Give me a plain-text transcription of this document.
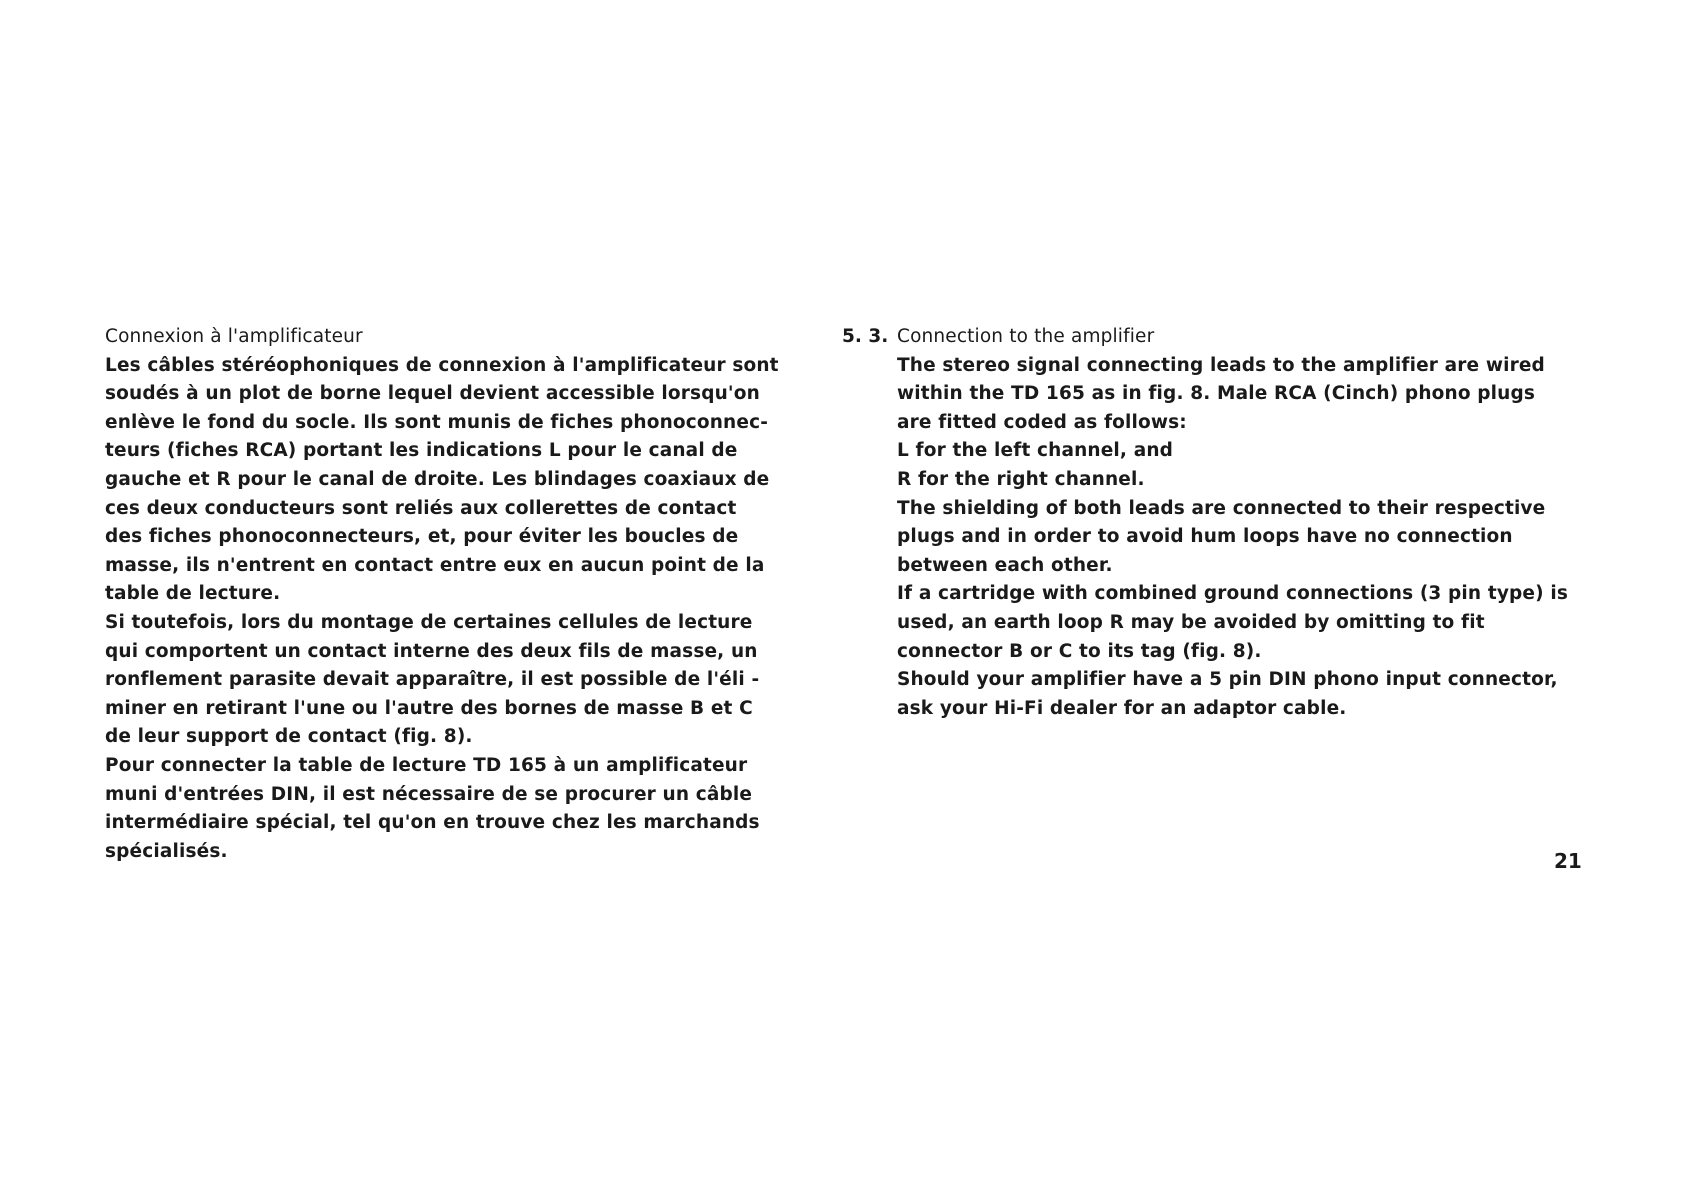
Connexion à l'amplificateur
Les câbles stéréophoniques de connexion à l'amplificateur sont
soudés à un plot de borne lequel devient accessible lorsqu'on
enlève le fond du socle. Ils sont munis de fiches phonoconnec-
teurs (fiches RCA) portant les indications L pour le canal de
gauche et R pour le canal de droite. Les blindages coaxiaux de
ces deux conducteurs sont reliés aux collerettes de contact
des fiches phonoconnecteurs, et, pour éviter les boucles de
masse, ils n'entrent en contact entre eux en aucun point de la
table de lecture.
Si toutefois, lors du montage de certaines cellules de lecture
qui comportent un contact interne des deux fils de masse, un
ronflement parasite devait apparaître, il est possible de l'éli -
miner en retirant l'une ou l'autre des bornes de masse B et C
de leur support de contact (fig. 8).
Pour connecter la table de lecture TD 165 à un amplificateur
muni d'entrées DIN, il est nécessaire de se procurer un câble
intermédiaire spécial, tel qu'on en trouve chez les marchands
spécialisés.
5. 3. Connection to the amplifier
The stereo signal connecting leads to the amplifier are wired
within the TD 165 as in fig. 8. Male RCA (Cinch) phono plugs
are fitted coded as follows:
L for the left channel, and
R for the right channel.
The shielding of both leads are connected to their respective
plugs and in order to avoid hum loops have no connection
between each other.
If a cartridge with combined ground connections (3 pin type) is
used, an earth loop R may be avoided by omitting to fit
connector B or C to its tag (fig. 8).
Should your amplifier have a 5 pin DIN phono input connector,
ask your Hi-Fi dealer for an adaptor cable.
21
